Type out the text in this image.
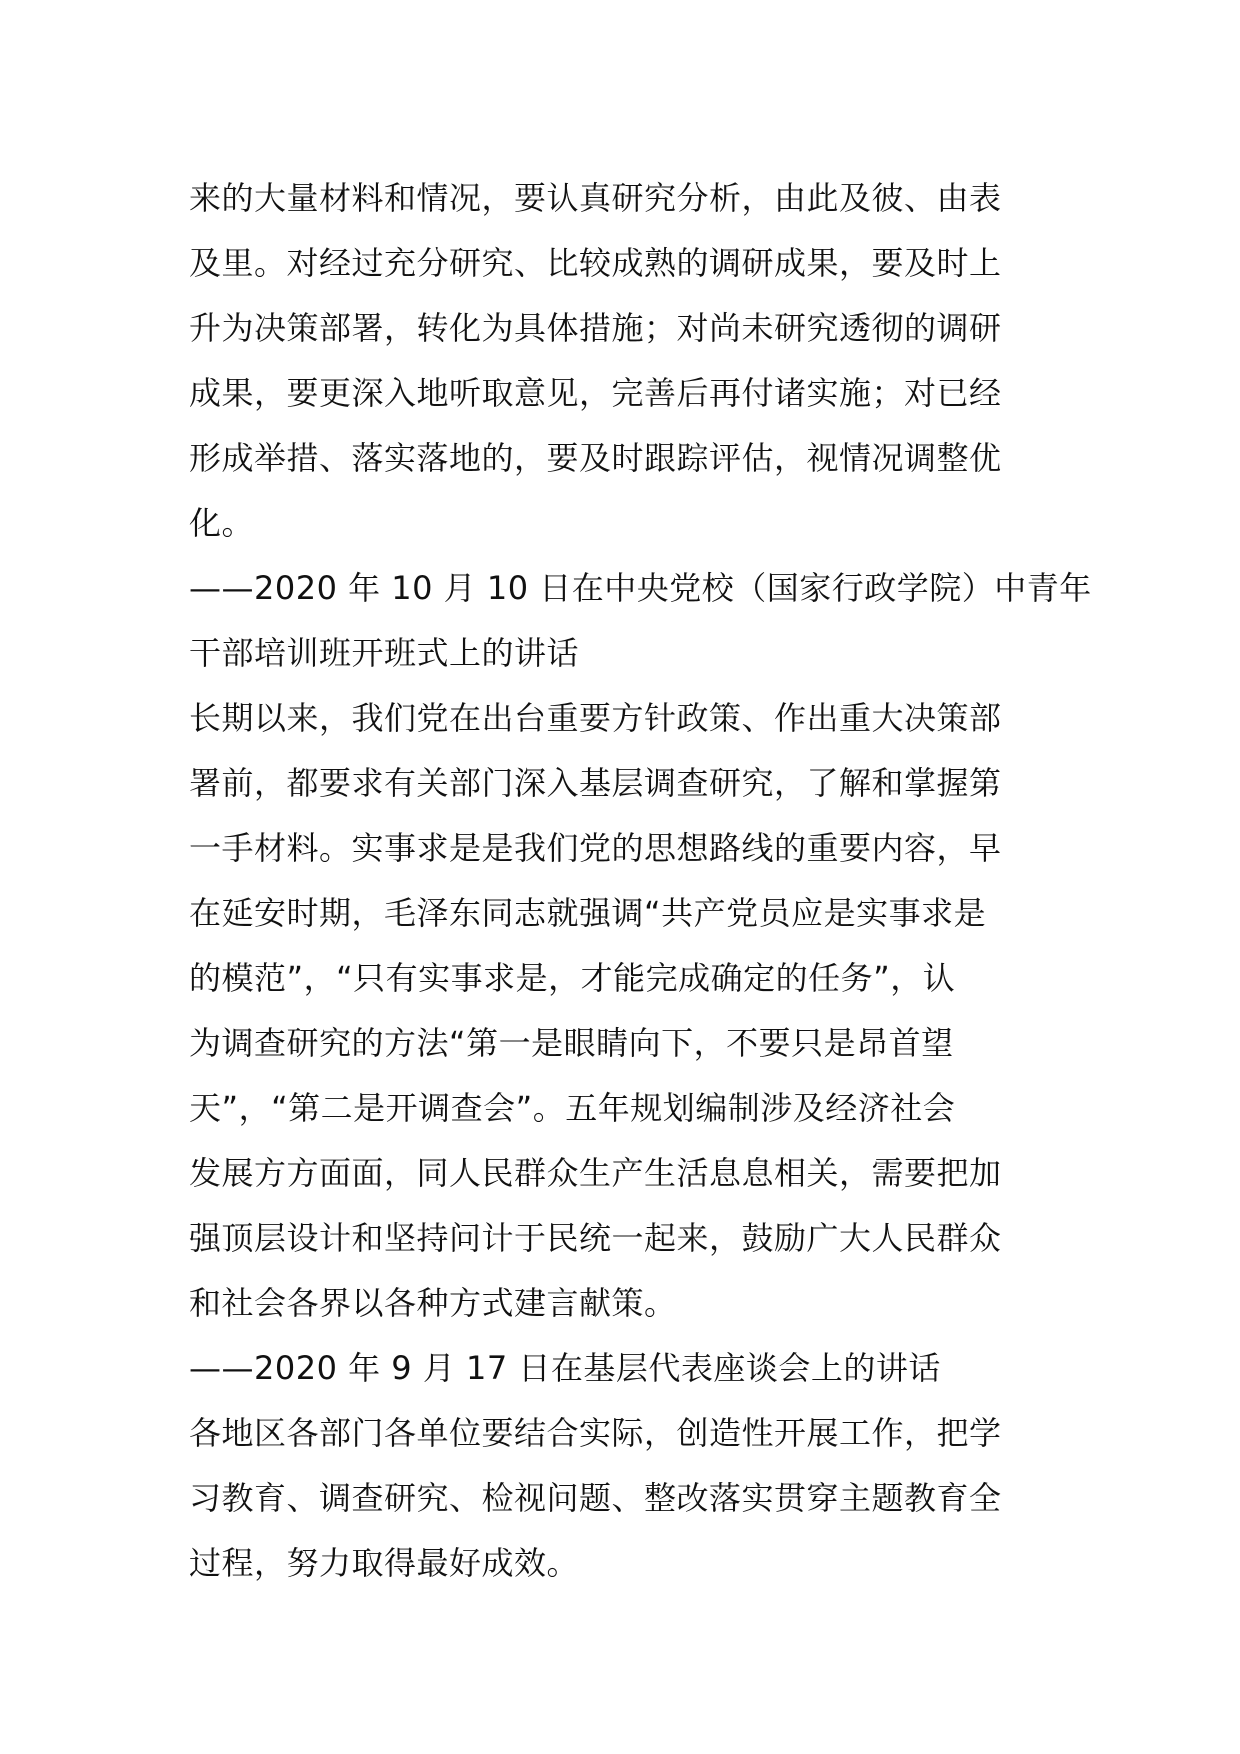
来的大量材料和情况，要认真研究分析，由此及彼、由表
及里。对经过充分研究、比较成熟的调研成果，要及时上
升为决策部署，转化为具体措施；对尚未研究透彻的调研
成果，要更深入地听取意见，完善后再付诸实施；对已经
形成举措、落实落地的，要及时跟踪评估，视情况调整优
化。

——2020 年 10 月 10 日在中央党校（国家行政学院）中青年
干部培训班开班式上的讲话

长期以来，我们党在出台重要方针政策、作出重大决策部
署前，都要求有关部门深入基层调查研究，了解和掌握第
一手材料。实事求是是我们党的思想路线的重要内容，早
在延安时期，毛泽东同志就强调“共产党员应是实事求是
的模范”，“只有实事求是，才能完成确定的任务”，认
为调查研究的方法“第一是眼睛向下，不要只是昂首望
天”，“第二是开调查会”。五年规划编制涉及经济社会
发展方方面面，同人民群众生产生活息息相关，需要把加
强顶层设计和坚持问计于民统一起来，鼓励广大人民群众
和社会各界以各种方式建言献策。

——2020 年 9 月 17 日在基层代表座谈会上的讲话

各地区各部门各单位要结合实际，创造性开展工作，把学
习教育、调查研究、检视问题、整改落实贯穿主题教育全
过程，努力取得最好成效。
